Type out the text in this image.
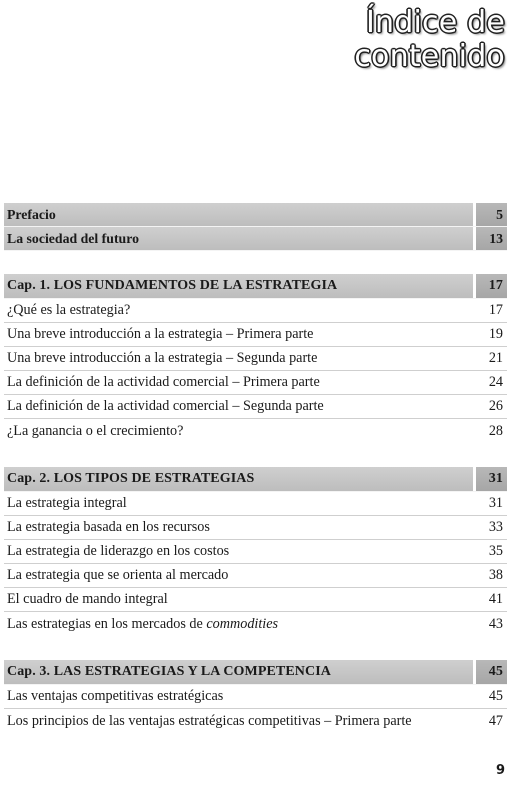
Índice de
contenido
Prefacio	5
La sociedad del futuro	13
Cap. 1. LOS FUNDAMENTOS DE LA ESTRATEGIA	17
¿Qué es la estrategia?	17
Una breve introducción a la estrategia – Primera parte	19
Una breve introducción a la estrategia – Segunda parte	21
La definición de la actividad comercial – Primera parte	24
La definición de la actividad comercial – Segunda parte	26
¿La ganancia o el crecimiento?	28
Cap. 2. LOS TIPOS DE ESTRATEGIAS	31
La estrategia integral	31
La estrategia basada en los recursos	33
La estrategia de liderazgo en los costos	35
La estrategia que se orienta al mercado	38
El cuadro de mando integral	41
Las estrategias en los mercados de commodities	43
Cap. 3. LAS ESTRATEGIAS Y LA COMPETENCIA	45
Las ventajas competitivas estratégicas	45
Los principios de las ventajas estratégicas competitivas – Primera parte	47
9
